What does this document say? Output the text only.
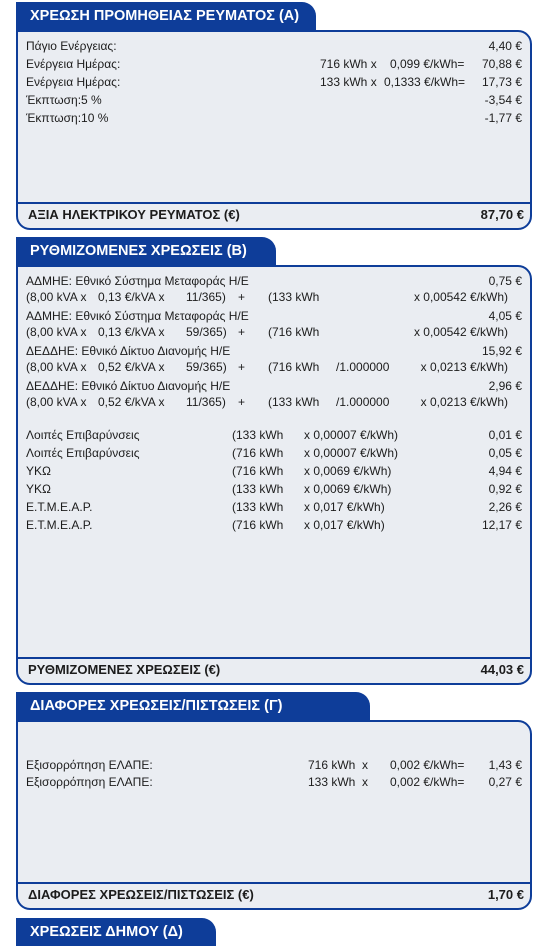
ΧΡΕΩΣΗ ΠΡΟΜΗΘΕΙΑΣ ΡΕΥΜΑΤΟΣ (Α)
Πάγιο Ενέργειας:	4,40 €
Ενέργεια Ημέρας:	716 kWh x 0,099 €/kWh= 70,88 €
Ενέργεια Ημέρας:	133 kWh x 0,1333 €/kWh= 17,73 €
Έκπτωση:5 %	-3,54 €
Έκπτωση:10 %	-1,77 €
ΑΞΙΑ ΗΛΕΚΤΡΙΚΟΥ ΡΕΥΜΑΤΟΣ (€)	87,70 €
ΡΥΘΜΙΖΟΜΕΝΕΣ ΧΡΕΩΣΕΙΣ (Β)
ΑΔΜΗΕ: Εθνικό Σύστημα Μεταφοράς Η/Ε	0,75 €
(8,00 kVA x 0,13 €/kVA x 11/365) + (133 kWh	x 0,00542 €/kWh)
ΑΔΜΗΕ: Εθνικό Σύστημα Μεταφοράς Η/Ε	4,05 €
(8,00 kVA x 0,13 €/kVA x 59/365) + (716 kWh	x 0,00542 €/kWh)
ΔΕΔΔΗΕ: Εθνικό Δίκτυο Διανομής Η/Ε	15,92 €
(8,00 kVA x 0,52 €/kVA x 59/365) + (716 kWh /1.000000	x 0,0213 €/kWh)
ΔΕΔΔΗΕ: Εθνικό Δίκτυο Διανομής Η/Ε	2,96 €
(8,00 kVA x 0,52 €/kVA x 11/365) + (133 kWh /1.000000	x 0,0213 €/kWh)
Λοιπές Επιβαρύνσεις	(133 kWh x 0,00007 €/kWh)	0,01 €
Λοιπές Επιβαρύνσεις	(716 kWh x 0,00007 €/kWh)	0,05 €
ΥΚΩ	(716 kWh x 0,0069 €/kWh)	4,94 €
ΥΚΩ	(133 kWh x 0,0069 €/kWh)	0,92 €
Ε.Τ.Μ.Ε.Α.Ρ.	(133 kWh x 0,017 €/kWh)	2,26 €
Ε.Τ.Μ.Ε.Α.Ρ.	(716 kWh x 0,017 €/kWh)	12,17 €
ΡΥΘΜΙΖΟΜΕΝΕΣ ΧΡΕΩΣΕΙΣ (€)	44,03 €
ΔΙΑΦΟΡΕΣ ΧΡΕΩΣΕΙΣ/ΠΙΣΤΩΣΕΙΣ (Γ)
Εξισορρόπηση ΕΛΑΠΕ:	716 kWh  x 0,002 €/kWh= 1,43 €
Εξισορρόπηση ΕΛΑΠΕ:	133 kWh  x 0,002 €/kWh= 0,27 €
ΔΙΑΦΟΡΕΣ ΧΡΕΩΣΕΙΣ/ΠΙΣΤΩΣΕΙΣ (€)	1,70 €
ΧΡΕΩΣΕΙΣ ΔΗΜΟΥ (Δ)
